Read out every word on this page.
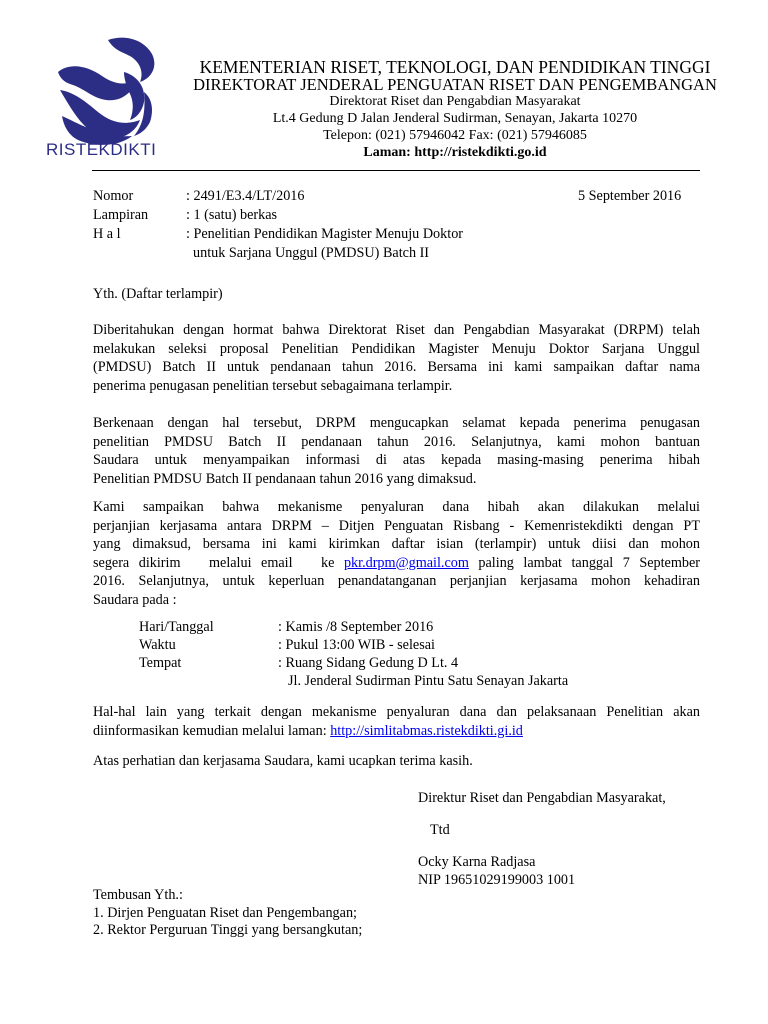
RISTEKDIKTI
KEMENTERIAN RISET, TEKNOLOGI, DAN PENDIDIKAN TINGGI
DIREKTORAT JENDERAL PENGUATAN RISET DAN PENGEMBANGAN
Direktorat Riset dan Pengabdian Masyarakat
Lt.4 Gedung D Jalan Jenderal Sudirman, Senayan, Jakarta 10270
Telepon: (021) 57946042 Fax: (021) 57946085
Laman: http://ristekdikti.go.id
Nomor	: 2491/E3.4/LT/2016	5 September 2016
Lampiran	: 1 (satu) berkas
H a l	: Penelitian Pendidikan Magister Menuju Doktor
untuk Sarjana Unggul (PMDSU) Batch II
Yth. (Daftar terlampir)
Diberitahukan dengan hormat bahwa Direktorat Riset dan Pengabdian Masyarakat (DRPM) telah
melakukan seleksi proposal Penelitian Pendidikan Magister Menuju Doktor Sarjana Unggul
(PMDSU) Batch II untuk pendanaan tahun 2016. Bersama ini kami sampaikan daftar nama
penerima penugasan penelitian tersebut sebagaimana terlampir.
Berkenaan dengan hal tersebut, DRPM mengucapkan selamat kepada penerima penugasan
penelitian PMDSU Batch II pendanaan tahun 2016. Selanjutnya, kami mohon bantuan
Saudara untuk menyampaikan informasi di atas kepada masing-masing penerima hibah
Penelitian PMDSU Batch II pendanaan tahun 2016 yang dimaksud.
Kami sampaikan bahwa mekanisme penyaluran dana hibah akan dilakukan melalui
perjanjian kerjasama antara DRPM – Ditjen Penguatan Risbang - Kemenristekdikti dengan PT
yang dimaksud, bersama ini kami kirimkan daftar isian (terlampir) untuk diisi dan mohon
segera dikirim   melalui email   ke pkr.drpm@gmail.com paling lambat tanggal 7 September
2016. Selanjutnya, untuk keperluan penandatanganan perjanjian kerjasama mohon kehadiran
Saudara pada :
Hari/Tanggal	: Kamis /8 September 2016
Waktu	: Pukul 13:00 WIB - selesai
Tempat	: Ruang Sidang Gedung D Lt. 4
Jl. Jenderal Sudirman Pintu Satu Senayan Jakarta
Hal-hal lain yang terkait dengan mekanisme penyaluran dana dan pelaksanaan Penelitian akan
diinformasikan kemudian melalui laman: http://simlitabmas.ristekdikti.gi.id
Atas perhatian dan kerjasama Saudara, kami ucapkan terima kasih.
Direktur Riset dan Pengabdian Masyarakat,
Ttd
Ocky Karna Radjasa
NIP 19651029199003 1001
Tembusan Yth.:
1. Dirjen Penguatan Riset dan Pengembangan;
2. Rektor Perguruan Tinggi yang bersangkutan;
